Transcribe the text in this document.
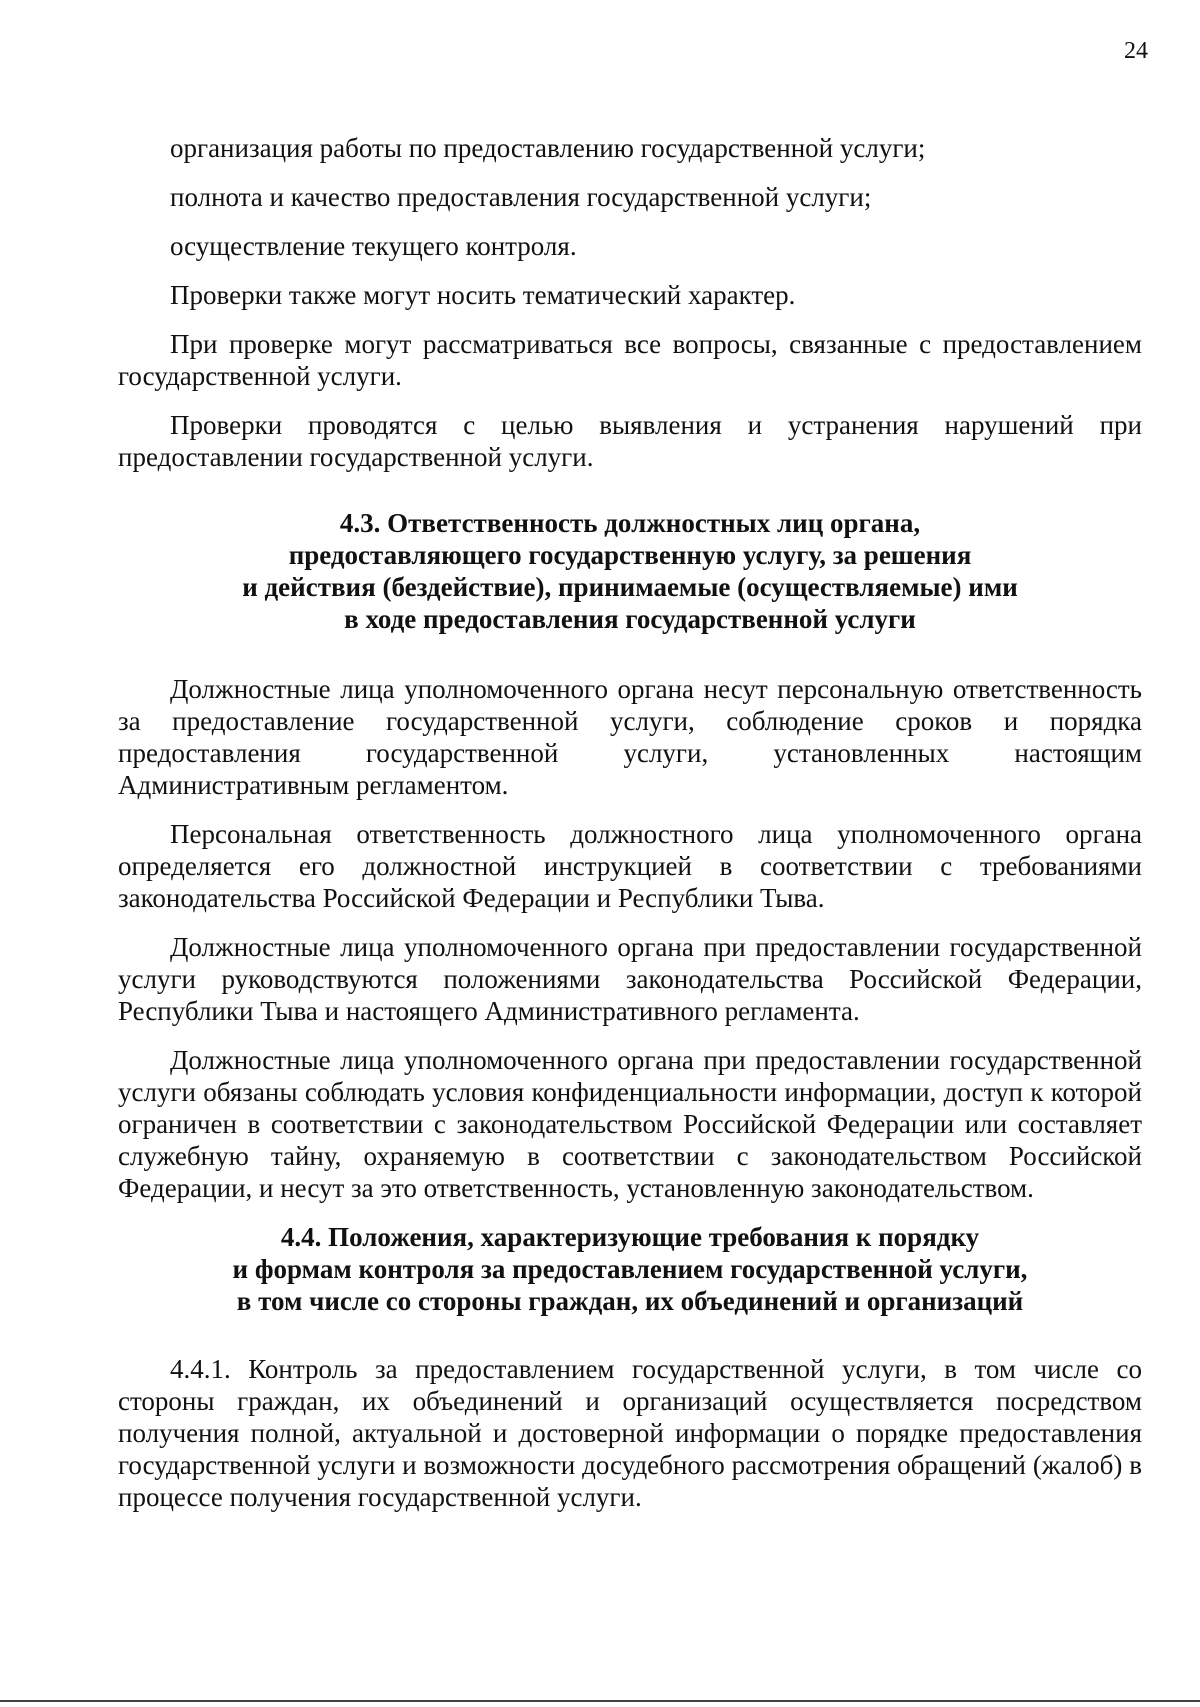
24

организация работы по предоставлению государственной услуги;

полнота и качество предоставления государственной услуги;

осуществление текущего контроля.

Проверки также могут носить тематический характер.

При проверке могут рассматриваться все вопросы, связанные с предоставлением государственной услуги.

Проверки проводятся с целью выявления и устранения нарушений при предоставлении государственной услуги.

4.3. Ответственность должностных лиц органа,

предоставляющего государственную услугу, за решения

и действия (бездействие), принимаемые (осуществляемые) ими

в ходе предоставления государственной услуги

Должностные лица уполномоченного органа несут персональную ответственность за предоставление государственной услуги, соблюдение сроков и порядка предоставления государственной услуги, установленных настоящим Административным регламентом.

Персональная ответственность должностного лица уполномоченного органа определяется его должностной инструкцией в соответствии с требованиями законодательства Российской Федерации и Республики Тыва.

Должностные лица уполномоченного органа при предоставлении государственной услуги руководствуются положениями законодательства Российской Федерации, Республики Тыва и настоящего Административного регламента.

Должностные лица уполномоченного органа при предоставлении государственной услуги обязаны соблюдать условия конфиденциальности информации, доступ к которой ограничен в соответствии с законодательством Российской Федерации или составляет служебную тайну, охраняемую в соответствии с законодательством Российской Федерации, и несут за это ответственность, установленную законодательством.

4.4. Положения, характеризующие требования к порядку

и формам контроля за предоставлением государственной услуги,

в том числе со стороны граждан, их объединений и организаций

4.4.1. Контроль за предоставлением государственной услуги, в том числе со стороны граждан, их объединений и организаций осуществляется посредством получения полной, актуальной и достоверной информации о порядке предоставления государственной услуги и возможности досудебного рассмотрения обращений (жалоб) в процессе получения государственной услуги.
